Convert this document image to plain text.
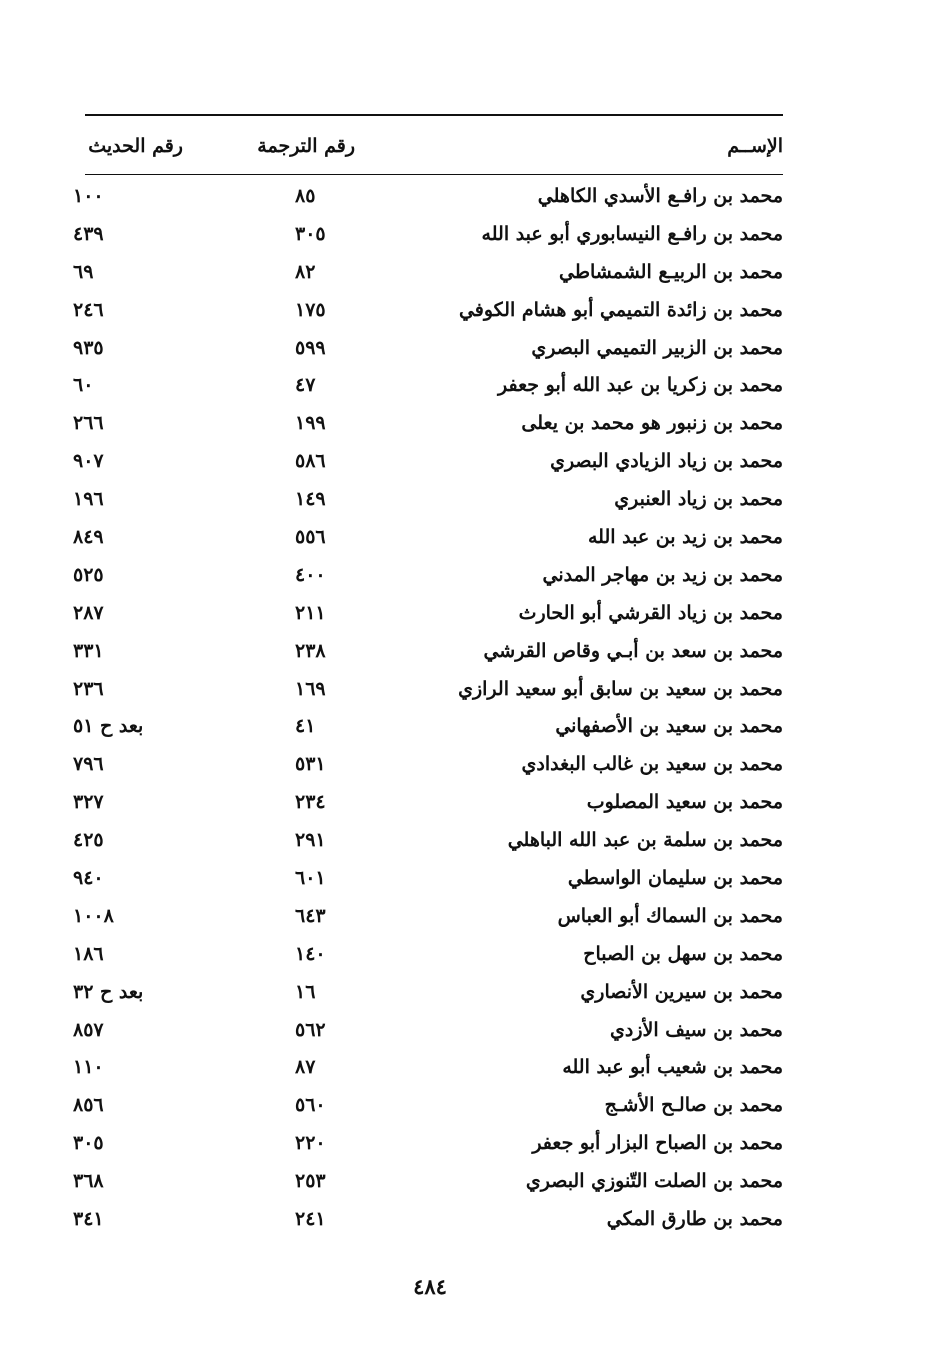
الإســم
رقم الترجمة
رقم الحديث
محمد بن رافـع الأسدي الكاهلي
٨٥
١٠٠
محمد بن رافـع النيسابوري أبو عبد الله
٣٠٥
٤٣٩
محمد بن الربيـع الشمشاطي
٨٢
٦٩
محمد بن زائدة التميمي أبو هشام الكوفي
١٧٥
٢٤٦
محمد بن الزبير التميمي البصري
٥٩٩
٩٣٥
محمد بن زكريا بن عبد الله أبو جعفر
٤٧
٦٠
محمد بن زنبور هو محمد بن يعلى
١٩٩
٢٦٦
محمد بن زياد الزيادي البصري
٥٨٦
٩٠٧
محمد بن زياد العنبري
١٤٩
١٩٦
محمد بن زيد بن عبد الله
٥٥٦
٨٤٩
محمد بن زيد بن مهاجر المدني
٤٠٠
٥٢٥
محمد بن زياد القرشي أبو الحارث
٢١١
٢٨٧
محمد بن سعد بن أبـي وقاص القرشي
٢٣٨
٣٣١
محمد بن سعيد بن سابق أبو سعيد الرازي
١٦٩
٢٣٦
محمد بن سعيد بن الأصفهاني
٤١
بعد ح ٥١
محمد بن سعيد بن غالب البغدادي
٥٣١
٧٩٦
محمد بن سعيد المصلوب
٢٣٤
٣٢٧
محمد بن سلمة بن عبد الله الباهلي
٢٩١
٤٢٥
محمد بن سليمان الواسطي
٦٠١
٩٤٠
محمد بن السماك أبو العباس
٦٤٣
١٠٠٨
محمد بن سهل بن الصباح
١٤٠
١٨٦
محمد بن سيرين الأنصاري
١٦
بعد ح ٣٢
محمد بن سيف الأزدي
٥٦٢
٨٥٧
محمد بن شعيب أبو عبد الله
٨٧
١١٠
محمد بن صالـح الأشـج
٥٦٠
٨٥٦
محمد بن الصباح البزار أبو جعفر
٢٢٠
٣٠٥
محمد بن الصلت التّنوزي البصري
٢٥٣
٣٦٨
محمد بن طارق المكي
٢٤١
٣٤١
٤٨٤
